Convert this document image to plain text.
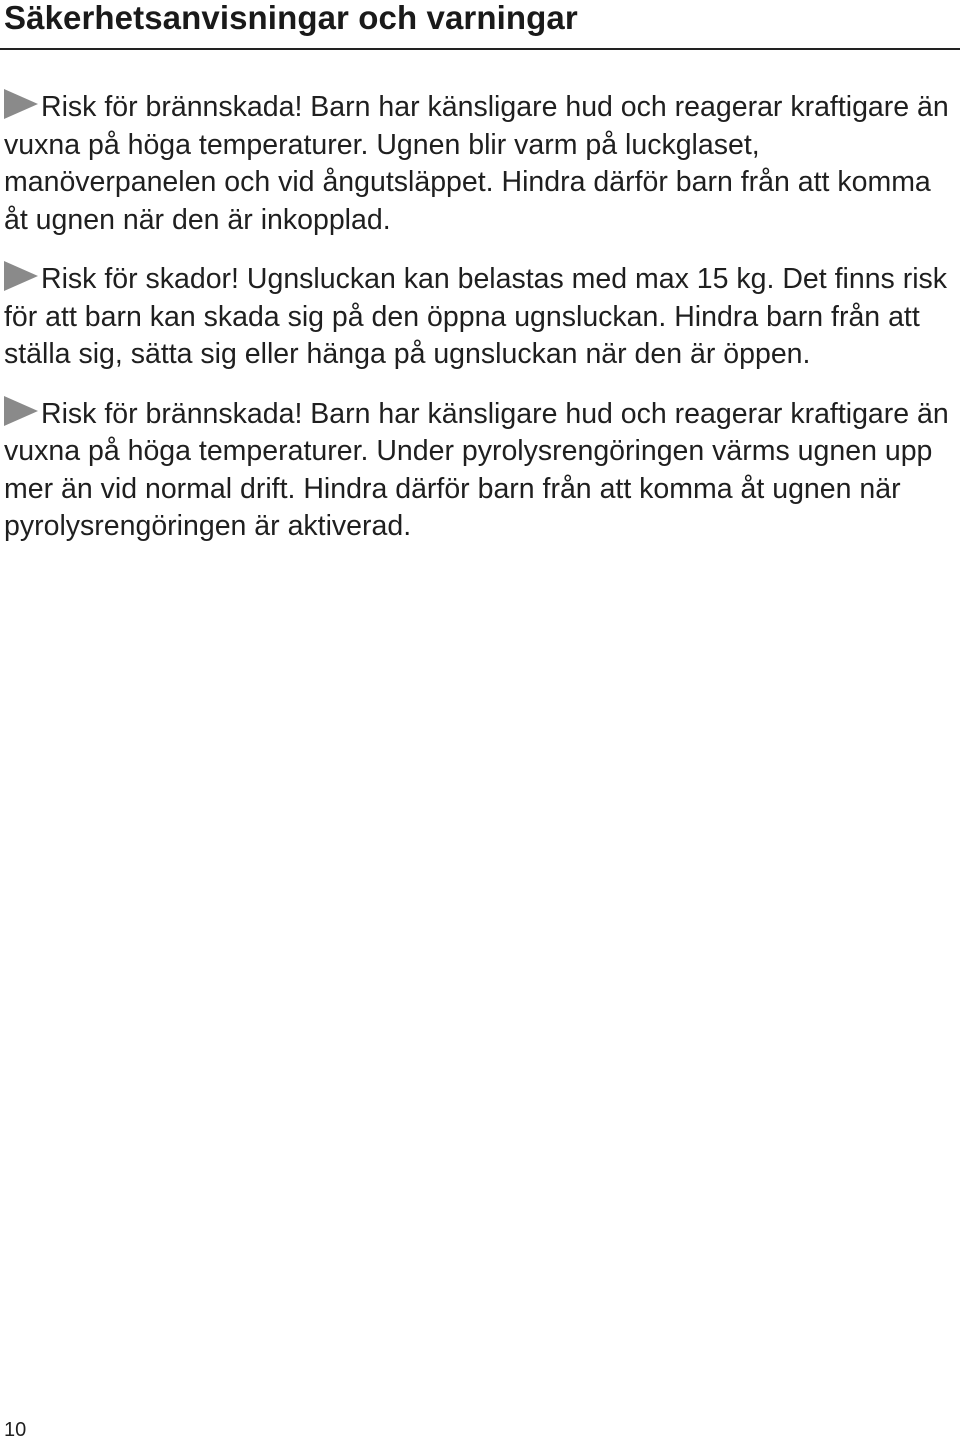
Säkerhetsanvisningar och varningar

Risk för brännskada! Barn har känsligare hud och reagerar kraftigare än vuxna på höga temperaturer. Ugnen blir varm på luckglaset, manöverpanelen och vid ångutsläppet. Hindra därför barn från att komma åt ugnen när den är inkopplad.

Risk för skador! Ugnsluckan kan belastas med max 15 kg. Det finns risk för att barn kan skada sig på den öppna ugnsluckan. Hindra barn från att ställa sig, sätta sig eller hänga på ugnsluckan när den är öppen.

Risk för brännskada! Barn har känsligare hud och reagerar kraftigare än vuxna på höga temperaturer. Under pyrolysrengöringen värms ugnen upp mer än vid normal drift. Hindra därför barn från att komma åt ugnen när pyrolysrengöringen är aktiverad.

10
